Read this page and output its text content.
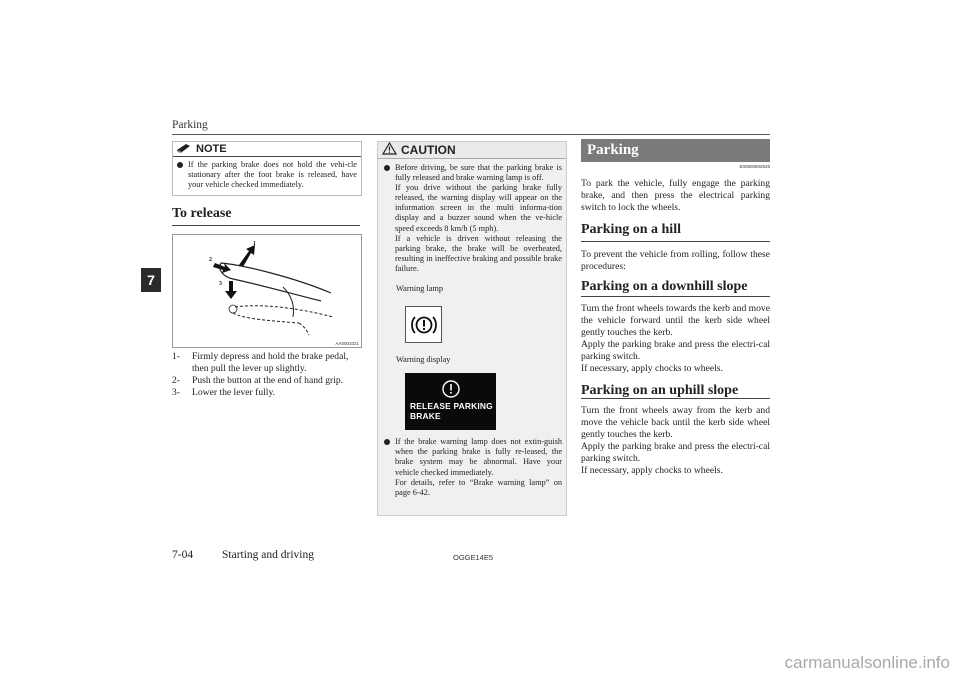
Parking
7
NOTE
If the parking brake does not hold the vehi-cle stationary after the foot brake is released, have your vehicle checked immediately.
To release
1
2
3
AA0001021
1-	Firmly depress and hold the brake pedal, then pull the lever up slightly.
2-	Push the button at the end of hand grip.
3-	Lower the lever fully.
CAUTION
Before driving, be sure that the parking brake is fully released and brake warning lamp is off.
If you drive without the parking brake fully released, the warning display will appear on the information screen in the multi informa-tion display and a buzzer sound when the ve-hicle speed exceeds 8 km/h (5 mph).
If a vehicle is driven without releasing the parking brake, the brake will be overheated, resulting in ineffective braking and possible brake failure.
Warning lamp
Warning display
RELEASE PARKING
BRAKE
If the brake warning lamp does not extin-guish when the parking brake is fully re-leased, the brake system may be abnormal. Have your vehicle checked immediately.
For details, refer to “Brake warning lamp” on page 6-42.
Parking
E00600602645
To park the vehicle, fully engage the parking brake, and then press the electrical parking switch to lock the wheels.
Parking on a hill
To prevent the vehicle from rolling, follow these procedures:
Parking on a downhill slope
Turn the front wheels towards the kerb and move the vehicle forward until the kerb side wheel gently touches the kerb.
Apply the parking brake and press the electri-cal parking switch.
If necessary, apply chocks to wheels.
Parking on an uphill slope
Turn the front wheels away from the kerb and move the vehicle back until the kerb side wheel gently touches the kerb.
Apply the parking brake and press the electri-cal parking switch.
If necessary, apply chocks to wheels.
7-04	Starting and driving	OGGE14E5
carmanualsonline.info
